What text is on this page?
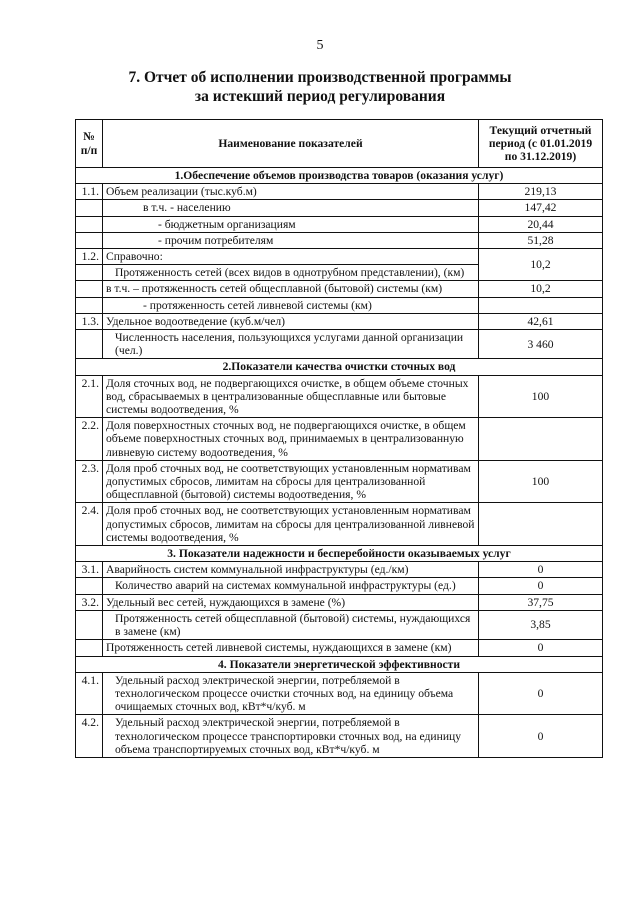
5
7. Отчет об исполнении производственной программы
за истекший период регулирования
№ п/п	Наименование показателей	Текущий отчетный период (с 01.01.2019 по 31.12.2019)
1.Обеспечение объемов производства товаров (оказания услуг)		
1.1.	Объем реализации (тыс.куб.м)	219,13
	в т.ч. - населению	147,42
	- бюджетным организациям	20,44
	- прочим потребителям	51,28
1.2.	Справочно:	10,2
	Протяженность сетей (всех видов в однотрубном представлении), (км)	
	в т.ч. – протяженность сетей общесплавной (бытовой) системы (км)	10,2
	- протяженность сетей ливневой системы (км)	
1.3.	Удельное водоотведение (куб.м/чел)	42,61
	Численность населения, пользующихся услугами данной организации (чел.)	3 460
2.Показатели качества очистки сточных вод		
2.1.	Доля сточных вод, не подвергающихся очистке, в общем объеме сточных вод, сбрасываемых в централизованные общесплавные или бытовые системы водоотведения, %	100
2.2.	Доля поверхностных сточных вод, не подвергающихся очистке, в общем объеме поверхностных сточных вод, принимаемых в централизованную ливневую систему водоотведения, %	
2.3.	Доля проб сточных вод, не соответствующих установленным нормативам допустимых сбросов, лимитам на сбросы для централизованной общесплавной (бытовой) системы водоотведения, %	100
2.4.	Доля проб сточных вод, не соответствующих установленным нормативам допустимых сбросов, лимитам на сбросы для централизованной ливневой системы водоотведения, %	
3. Показатели надежности и бесперебойности оказываемых услуг		
3.1.	Аварийность систем коммунальной инфраструктуры (ед./км)	0
	Количество аварий на системах коммунальной инфраструктуры (ед.)	0
3.2.	Удельный вес сетей, нуждающихся в замене (%)	37,75
	Протяженность сетей общесплавной (бытовой) системы, нуждающихся в замене (км)	3,85
	Протяженность сетей ливневой системы, нуждающихся в замене (км)	0
4. Показатели энергетической эффективности		
4.1.	Удельный расход электрической энергии, потребляемой в технологическом процессе очистки сточных вод, на единицу объема очищаемых сточных вод, кВт*ч/куб. м	0
4.2.	Удельный расход электрической энергии, потребляемой в технологическом процессе транспортировки сточных вод, на единицу объема транспортируемых сточных вод, кВт*ч/куб. м	0
